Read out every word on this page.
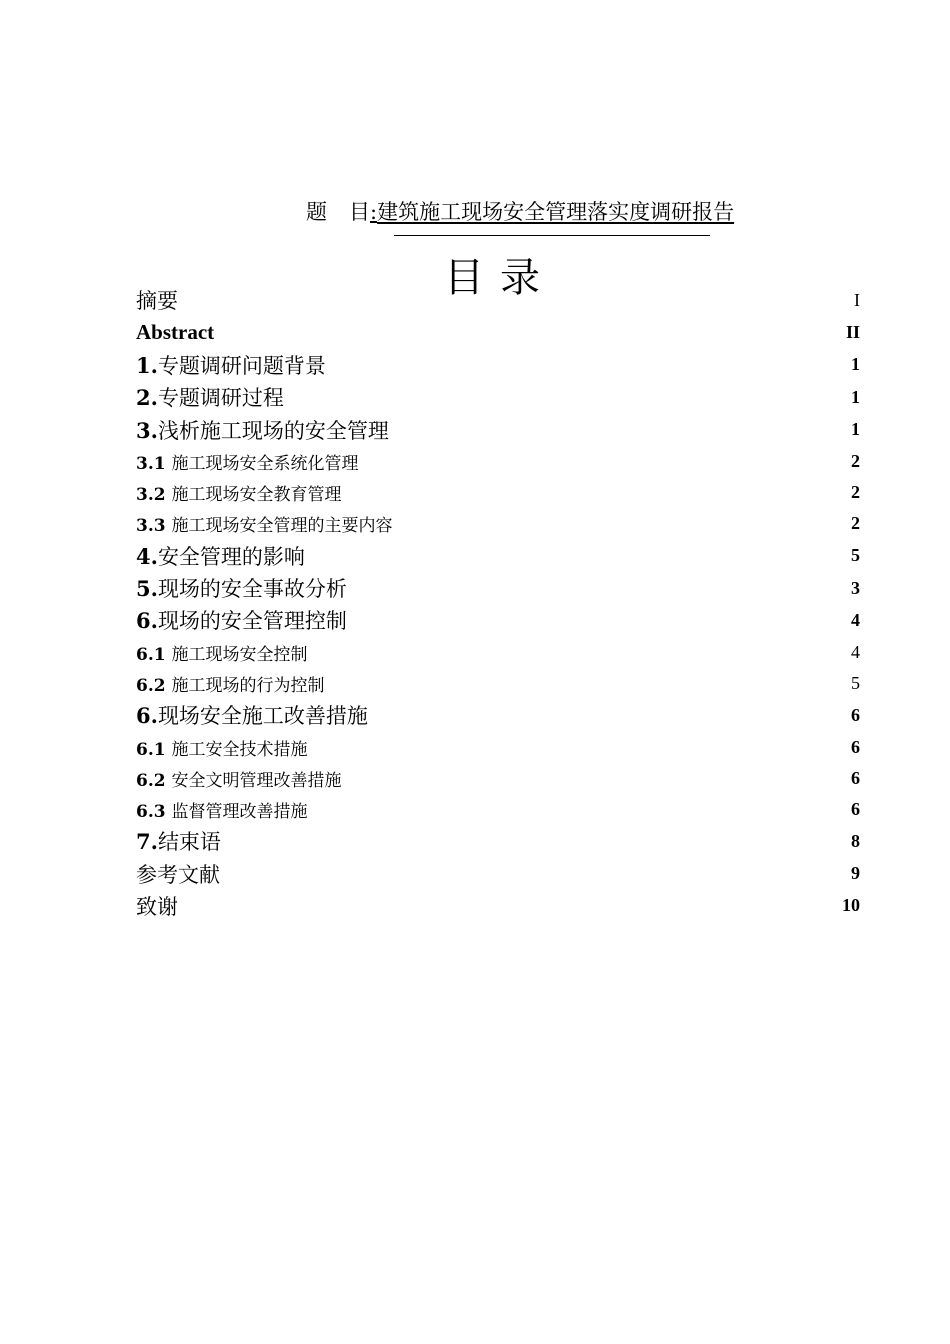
题目:建筑施工现场安全管理落实度调研报告
目录
摘要	I
Abstract	II
1.专题调研问题背景	1
2.专题调研过程	1
3.浅析施工现场的安全管理	1
3.1 施工现场安全系统化管理	2
3.2 施工现场安全教育管理	2
3.3 施工现场安全管理的主要内容	2
4.安全管理的影响	5
5.现场的安全事故分析	3
6.现场的安全管理控制	4
6.1 施工现场安全控制	4
6.2 施工现场的行为控制	5
6.现场安全施工改善措施	6
6.1 施工安全技术措施	6
6.2 安全文明管理改善措施	6
6.3 监督管理改善措施	6
7.结束语	8
参考文献	9
致谢	10
